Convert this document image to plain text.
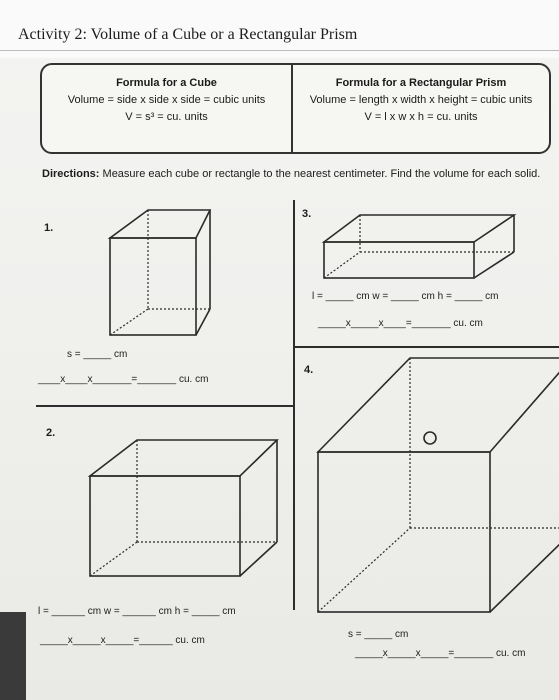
Activity 2: Volume of a Cube or a Rectangular Prism
Formula for a Cube
Volume = side x side x side = cubic units
V = s³ = cu. units
Formula for a Rectangular Prism
Volume = length x width x height = cubic units
V = l x w x h = cu. units
Directions: Measure each cube or rectangle to the nearest centimeter. Find the volume for each solid.
1.
s = _____ cm
____x____x_______=_______ cu. cm
3.
l = _____ cm w = _____ cm h = _____ cm
_____x_____x____=_______ cu. cm
2.
l = ______ cm w = ______ cm h = _____ cm
_____x_____x_____=______ cu. cm
4.
s = _____ cm
_____x_____x_____=_______ cu. cm
